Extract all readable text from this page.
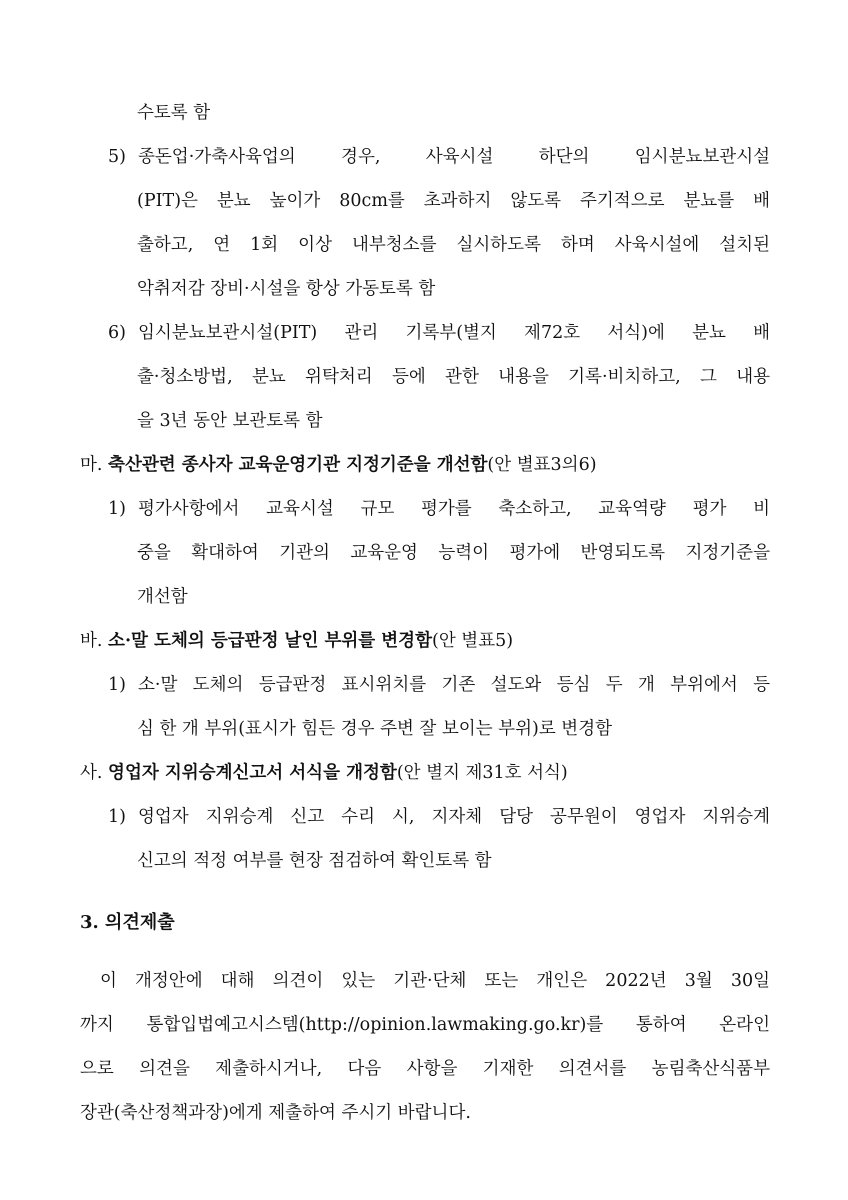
수토록 함
5) 종돈업·가축사육업의 경우, 사육시설 하단의 임시분뇨보관시설
(PIT)은 분뇨 높이가 80cm를 초과하지 않도록 주기적으로 분뇨를 배
출하고, 연 1회 이상 내부청소를 실시하도록 하며 사육시설에 설치된
악취저감 장비·시설을 항상 가동토록 함
6) 임시분뇨보관시설(PIT) 관리 기록부(별지 제72호 서식)에 분뇨 배
출·청소방법, 분뇨 위탁처리 등에 관한 내용을 기록·비치하고, 그 내용
을 3년 동안 보관토록 함
마. 축산관련 종사자 교육운영기관 지정기준을 개선함(안 별표3의6)
1) 평가사항에서 교육시설 규모 평가를 축소하고, 교육역량 평가 비
중을 확대하여 기관의 교육운영 능력이 평가에 반영되도록 지정기준을
개선함
바. 소·말 도체의 등급판정 날인 부위를 변경함(안 별표5)
1) 소·말 도체의 등급판정 표시위치를 기존 설도와 등심 두 개 부위에서 등
심 한 개 부위(표시가 힘든 경우 주변 잘 보이는 부위)로 변경함
사. 영업자 지위승계신고서 서식을 개정함(안 별지 제31호 서식)
1) 영업자 지위승계 신고 수리 시, 지자체 담당 공무원이 영업자 지위승계
신고의 적정 여부를 현장 점검하여 확인토록 함
3. 의견제출
이 개정안에 대해 의견이 있는 기관·단체 또는 개인은 2022년 3월 30일
까지 통합입법예고시스템(http://opinion.lawmaking.go.kr)를 통하여 온라인
으로 의견을 제출하시거나, 다음 사항을 기재한 의견서를 농림축산식품부
장관(축산정책과장)에게 제출하여 주시기 바랍니다.
